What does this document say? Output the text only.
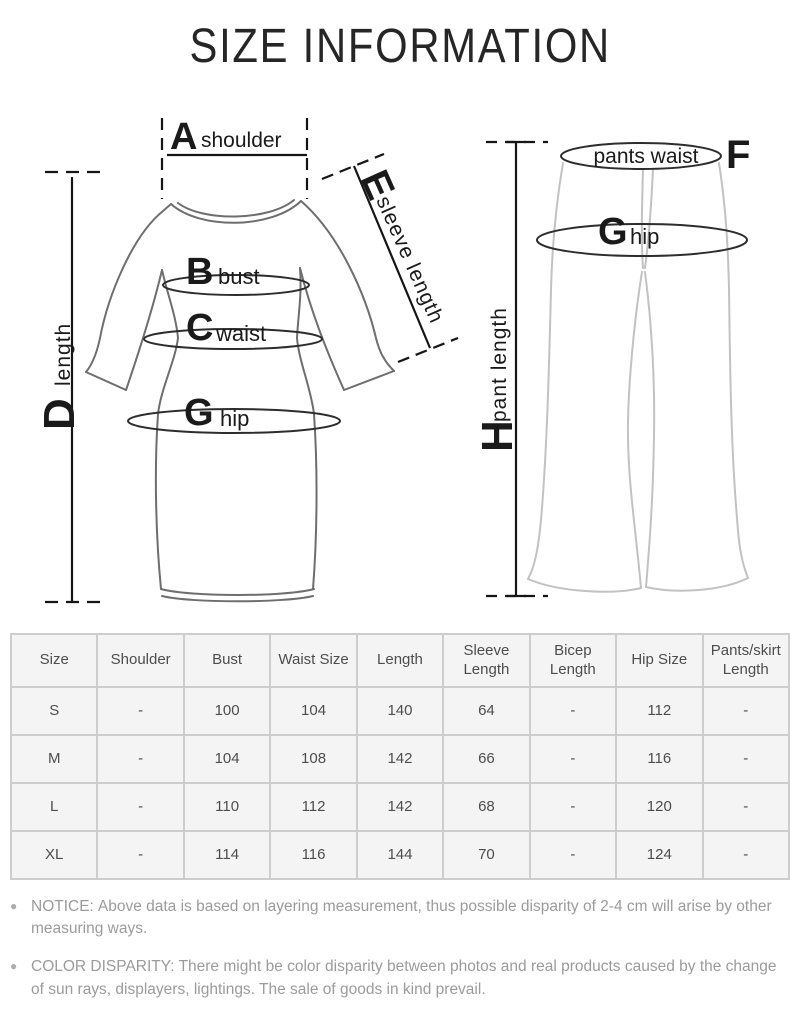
SIZE INFORMATION
A shoulder
B bust
C waist
G hip
D
length
E
sleeve length
pants waist F
G hip
H
pant length
Size	Shoulder	Bust	Waist Size	Length	Sleeve Length	Bicep Length	Hip Size	Pants/skirt Length
S	-	100	104	140	64	-	112	-
M	-	104	108	142	66	-	116	-
L	-	110	112	142	68	-	120	-
XL	-	114	116	144	70	-	124	-

● NOTICE: Above data is based on layering measurement, thus possible disparity of 2-4 cm will arise by other measuring ways.

● COLOR DISPARITY: There might be color disparity between photos and real products caused by the change of sun rays, displayers, lightings. The sale of goods in kind prevail.
